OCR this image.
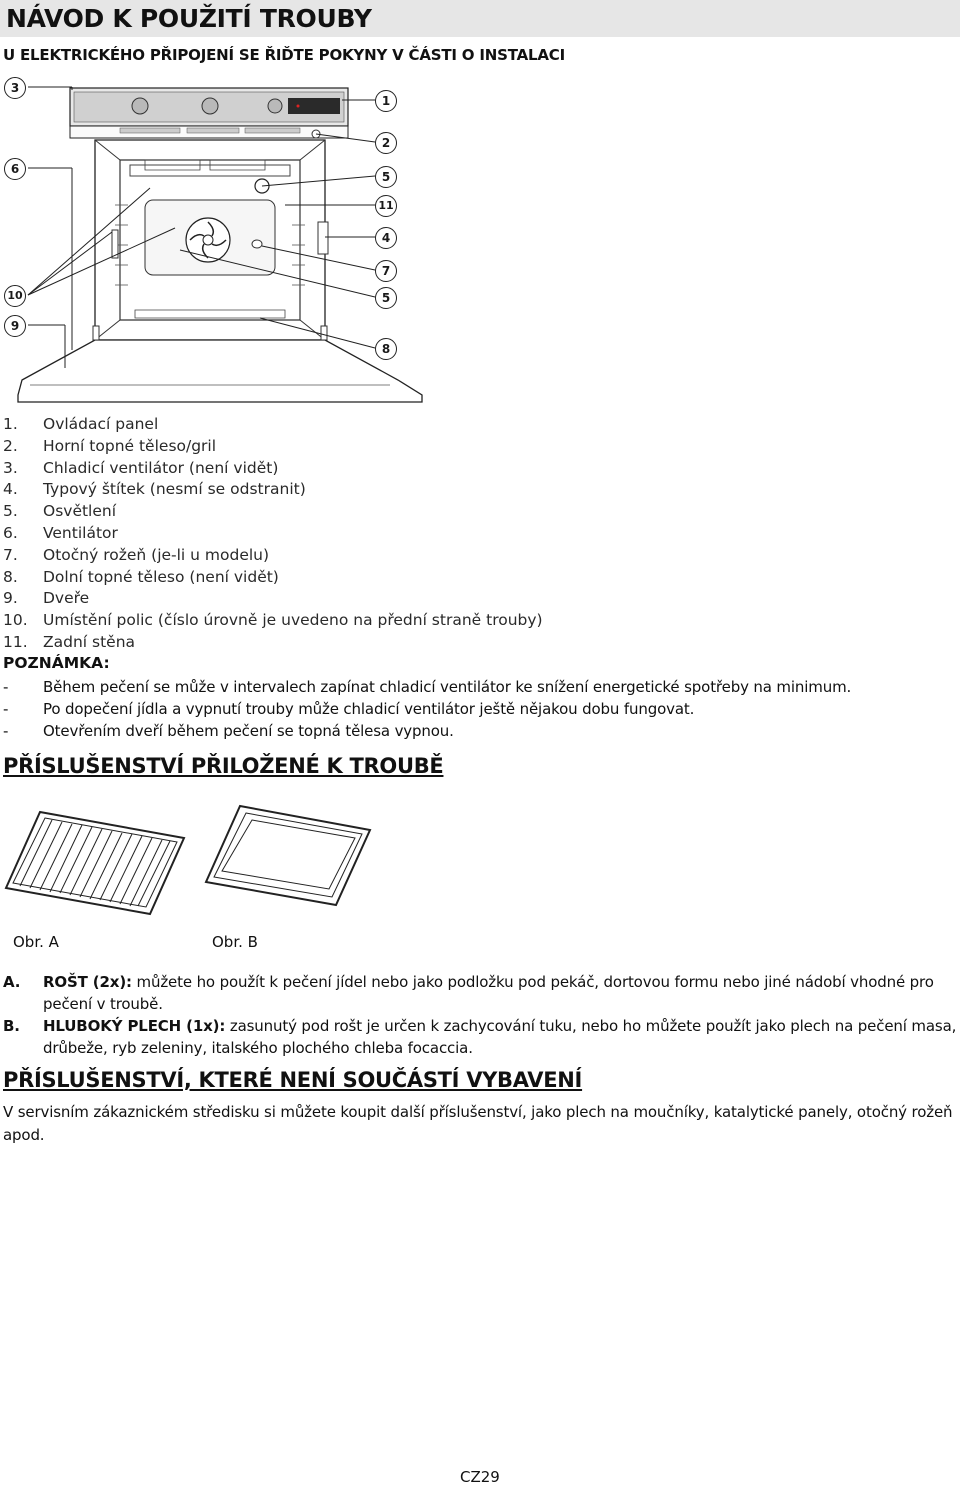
NÁVOD K POUŽITÍ TROUBY
U ELEKTRICKÉHO PŘIPOJENÍ SE ŘIĎTE POKYNY V ČÁSTI O INSTALACI
3
6
10
9
1
2
5
11
4
7
5
8
1. Ovládací panel
2. Horní topné těleso/gril
3. Chladicí ventilátor (není vidět)
4. Typový štítek (nesmí se odstranit)
5. Osvětlení
6. Ventilátor
7. Otočný rožeň (je-li u modelu)
8. Dolní topné těleso (není vidět)
9. Dveře
10. Umístění polic (číslo úrovně je uvedeno na přední straně trouby)
11. Zadní stěna
POZNÁMKA:
- Během pečení se může v intervalech zapínat chladicí ventilátor ke snížení energetické spotřeby na minimum.
- Po dopečení jídla a vypnutí trouby může chladicí ventilátor ještě nějakou dobu fungovat.
- Otevřením dveří během pečení se topná tělesa vypnou.
PŘÍSLUŠENSTVÍ PŘILOŽENÉ K TROUBĚ
Obr. A	Obr. B
A. ROŠT (2x): můžete ho použít k pečení jídel nebo jako podložku pod pekáč, dortovou formu nebo jiné nádobí vhodné pro pečení v troubě.
B. HLUBOKÝ PLECH (1x): zasunutý pod rošt je určen k zachycování tuku, nebo ho můžete použít jako plech na pečení masa, drůbeže, ryb zeleniny, italského plochého chleba focaccia.
PŘÍSLUŠENSTVÍ, KTERÉ NENÍ SOUČÁSTÍ VYBAVENÍ
V servisním zákaznickém středisku si můžete koupit další příslušenství, jako plech na moučníky, katalytické panely, otočný rožeň apod.
CZ29
